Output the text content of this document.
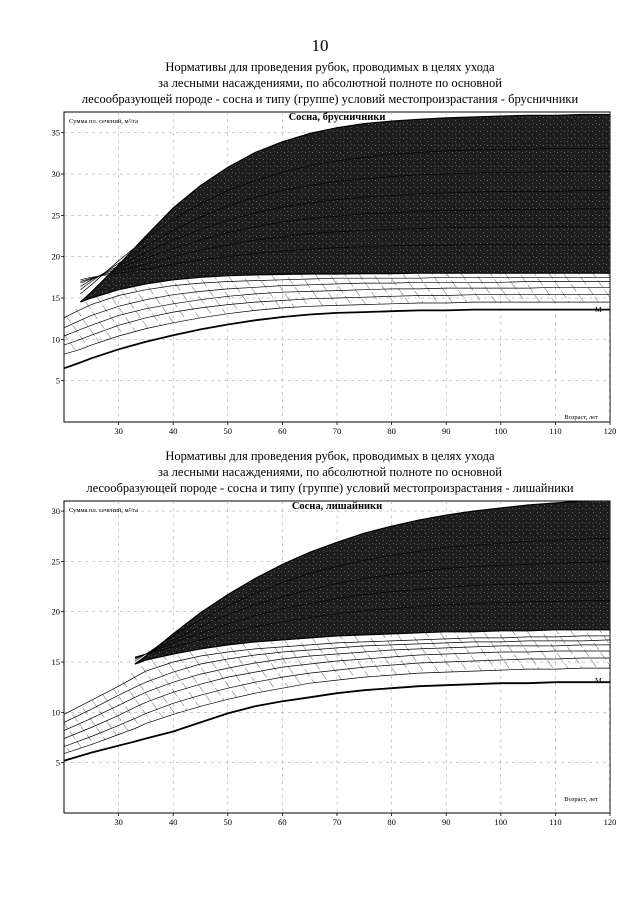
10
Нормативы для проведения рубок, проводимых в целях ухода
за лесными насаждениями, по абсолютной полноте по основной
лесообразующей породе - сосна и типу (группе) условий местопроизрастания - брусничники
30	40	50	60	70	80	90	100	110	120
5
10
15
20
25
30
35
Сосна, брусничники
Сумма пл. сечений, м²/га
Возраст, лет
М
Нормативы для проведения рубок, проводимых в целях ухода
за лесными насаждениями, по абсолютной полноте по основной
лесообразующей породе - сосна и типу (группе) условий местопроизрастания - лишайники
30	40	50	60	70	80	90	100	110	120
5
10
15
20
25
30	Сосна, лишайники
Сумма пл. сечений, м²/га
Возраст, лет
М
